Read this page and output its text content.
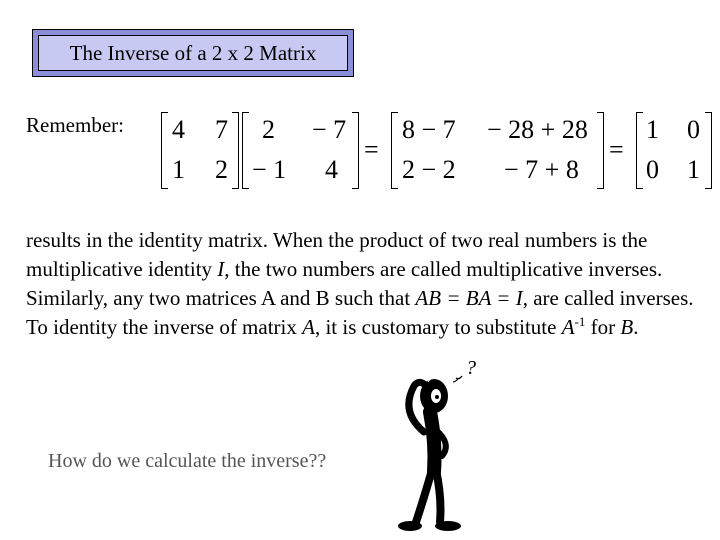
The Inverse of a 2 x 2 Matrix
Remember: 4 7
1 2
2 − 7
− 1 4
=
8 − 7 − 28 + 28
2 − 2 − 7 + 8
=
1 0
0 1
results in the identity matrix. When the product of two real numbers is the multiplicative identity I, the two numbers are called multiplicative inverses. Similarly, any two matrices A and B such that AB = BA = I, are called inverses. To identity the inverse of matrix A, it is customary to substitute $A^{-1}$ for B.
How do we calculate the inverse??
?
